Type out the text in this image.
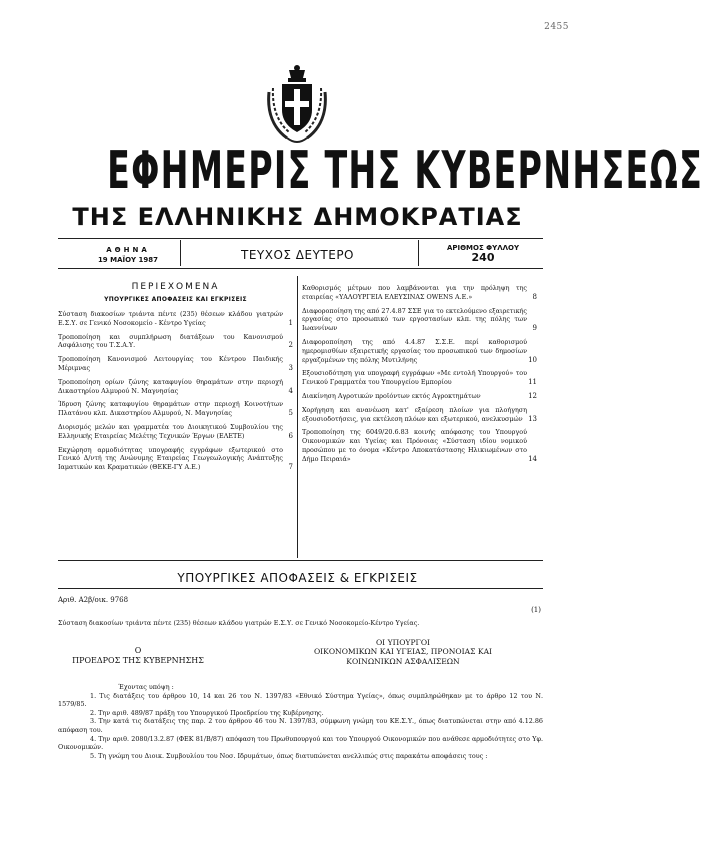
2455
ΕΦΗΜΕΡΙΣ ΤΗΣ ΚΥΒΕΡΝΗΣΕΩΣ
ΤΗΣ ΕΛΛΗΝΙΚΗΣ ΔΗΜΟΚΡΑΤΙΑΣ
ΑΘΗΝΑ
19 ΜΑΪΟΥ 1987	ΤΕΥΧΟΣ ΔΕΥΤΕΡΟ	ΑΡΙΘΜΟΣ ΦΥΛΛΟΥ
240
ΠΕΡΙΕΧΟΜΕΝΑ
ΥΠΟΥΡΓΙΚΕΣ ΑΠΟΦΑΣΕΙΣ ΚΑΙ ΕΓΚΡΙΣΕΙΣ
Σύσταση διακοσίων τριάντα πέντε (235) θέσεων κλάδου γιατρών Ε.Σ.Υ. σε Γενικό Νοσοκομείο - Κέντρο Υγείας	1
Τροποποίηση και συμπλήρωση διατάξεων του Κανονισμού Ασφάλισης του Τ.Σ.Α.Υ.	2
Τροποποίηση Κανονισμού Λειτουργίας του Κέντρου Παιδικής Μέριμνας	3
Τροποποίηση ορίων ζώνης καταφυγίου θηραμάτων στην περιοχή Δικαστηρίου Αλμυρού Ν. Μαγνησίας	4
Ίδρυση ζώνης καταφυγίου θηραμάτων στην περιοχή Κοινοτήτων Πλατάνου κλπ. Δικαστηρίου Αλμυρού, Ν. Μαγνησίας	5
Διορισμός μελών και γραμματέα του Διοικητικού Συμβουλίου της Ελληνικής Εταιρείας Μελέτης Τεχνικών Έργων (ΕΛΕΤΕ)	6
Εκχώρηση αρμοδιότητας υπογραφής εγγράφων εξωτερικού στο Γενικό Δ/ντή της Ανώνυμης Εταιρείας Γεωγεωλογικής Ανάπτυξης Ιαματικών και Κραματικών (ΘΕΚΕ-ΓΥ Α.Ε.)	7
Καθορισμός μέτρων που λαμβάνονται για την πρόληψη της εταιρείας «ΥΑΛΟΥΡΓΕΙΑ ΕΛΕΥΣΙΝΑΣ OWENS A.E.»	8
Διαφοροποίηση της από 27.4.87 ΣΣΕ για το εκτελούμενο εξαιρετικής εργασίας στο προσωπικό των εργοστασίων κλπ. της πόλης των Ιωαννίνων	9
Διαφοροποίηση της από 4.4.87 Σ.Σ.Ε. περί καθορισμού ημερομισθίων εξαιρετικής εργασίας του προσωπικού των δημοσίων εργαζομένων της πόλης Μυτιλήνης	10
Εξουσιοδότηση για υπογραφή εγγράφων «Με εντολή Υπουργού» του Γενικού Γραμματέα του Υπουργείου Εμπορίου	11
Διακίνηση Αγροτικών προϊόντων εκτός Αγροκτημάτων	12
Χορήγηση και ανανέωση κατ' εξαίρεση πλοίων για πλοήγηση εξουσιοδοτήσεις, για εκτέλεση πλόων και εξωτερικού, ανελκυσμών 13
Τροποποίηση της 6049/20.6.83 κοινής απόφασης του Υπουργού Οικονομικών και Υγείας και Πρόνοιας «Σύσταση ιδίου νομικού προσώπου με το όνομα «Κέντρο Αποκατάστασης Ηλικιωμένων στο Δήμο Πειραιά»	14
ΥΠΟΥΡΓΙΚΕΣ ΑΠΟΦΑΣΕΙΣ & ΕΓΚΡΙΣΕΙΣ
Αριθ. Α2β/οικ. 9768
(1)
Σύσταση διακοσίων τριάντα πέντε (235) θέσεων κλάδου γιατρών Ε.Σ.Υ. σε Γενικό Νοσοκομείο-Κέντρο Υγείας.
Ο
ΠΡΟΕΔΡΟΣ ΤΗΣ ΚΥΒΕΡΝΗΣΗΣ
ΟΙ ΥΠΟΥΡΓΟΙ
ΟΙΚΟΝΟΜΙΚΩΝ ΚΑΙ ΥΓΕΙΑΣ, ΠΡΟΝΟΙΑΣ ΚΑΙ
ΚΟΙΝΩΝΙΚΩΝ ΑΣΦΑΛΙΣΕΩΝ

Έχοντας υπόψη :

1. Τις διατάξεις του άρθρου 10, 14 και 26 του Ν. 1397/83 «Εθνικό Σύστημα Υγείας», όπως συμπληρώθηκαν με το άρθρο 12 του Ν. 1579/85.

2. Την αριθ. 489/87 πράξη του Υπουργικού Προεδρείου της Κυβέρνησης.

3. Την κατά τις διατάξεις της παρ. 2 του άρθρου 46 του Ν. 1397/83, σύμφωνη γνώμη του ΚΕ.Σ.Υ., όπως διατυπώνεται στην από 4.12.86 απόφαση του.

4. Την αριθ. 2080/13.2.87 (ΦΕΚ 81/Β/87) απόφαση του Πρωθυπουργού και του Υπουργού Οικονομικών που ανάθεσε αρμοδιότητες στο Υφ. Οικονομικών.

5. Τη γνώμη του Διοικ. Συμβουλίου του Νοσ. Ιδρυμάτων, όπως διατυπώνεται ανελλιπώς στις παρακάτω αποφάσεις τους :
